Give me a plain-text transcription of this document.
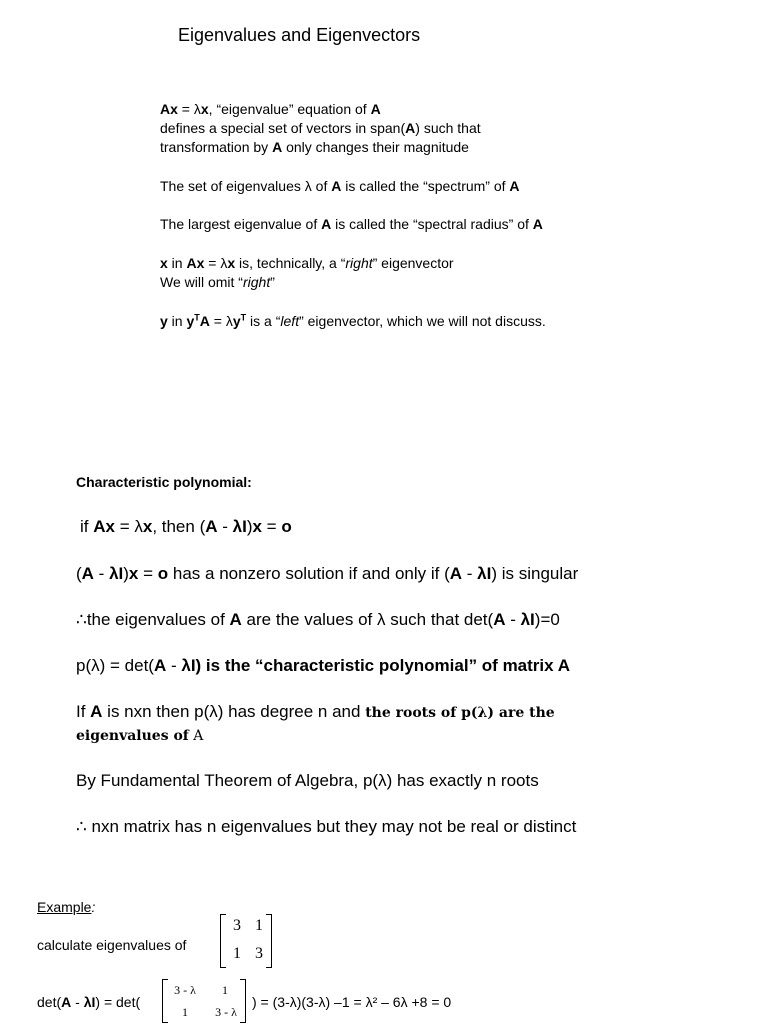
Eigenvalues and Eigenvectors
Ax = λx, “eigenvalue” equation of A
defines a special set of vectors in span(A) such that
transformation by A only changes their magnitude
The set of eigenvalues λ of A is called the “spectrum” of A
The largest eigenvalue of A is called the “spectral radius” of A
x in Ax = λx is, technically, a “right” eigenvector
We will omit “right”
y in $y^TA = \lambda y^T$ is a “left” eigenvector, which we will not discuss.
Characteristic polynomial:
if Ax = λx, then (A - λI)x = o
(A - λI)x = o has a nonzero solution if and only if (A - λI) is singular
∴the eigenvalues of A are the values of λ such that det(A - λI)=0
p(λ) = det(A - λI) is the “characteristic polynomial” of matrix A
If A is nxn then p(λ) has degree n and the roots of p(λ) are the
eigenvalues of A
By Fundamental Theorem of Algebra, p(λ) has exactly n roots
∴ nxn matrix has n eigenvalues but they may not be real or distinct
Example:
calculate eigenvalues of
3 1
1 3
det(A - λI) = det(
3 - λ	1
1	3 - λ
) = (3-λ)(3-λ) –1 = λ² – 6λ +8 = 0
